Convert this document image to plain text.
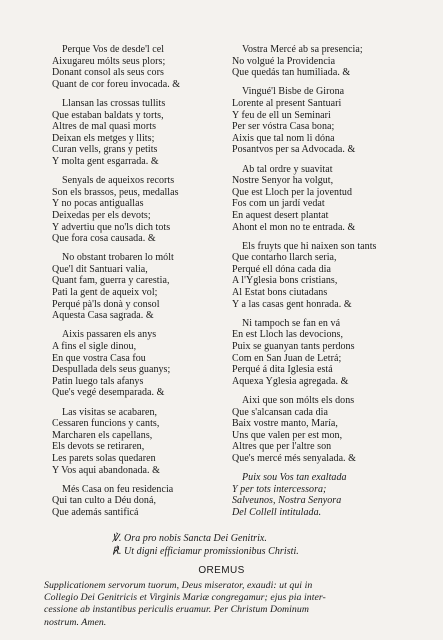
Perque Vos de desde'l cel
Aixugareu mólts seus plors;
Donant consol als seus cors
Quant de cor foreu invocada. &
Llansan las crossas tullits
Que estaban baldats y torts,
Altres de mal quasi morts
Deixan els metges y llits;
Curan vells, grans y petits
Y molta gent esgarrada. &
Senyals de aqueixos recorts
Son els brassos, peus, medallas
Y no pocas antiguallas
Deixedas per els devots;
Y advertiu que no'ls dich tots
Que fora cosa causada. &
No obstant trobaren lo mólt
Que'l dit Santuari valia,
Quant fam, guerra y carestia,
Pati la gent de aqueix vol;
Perqué pà'ls donà y consol
Aquesta Casa sagrada. &
Aixis passaren els anys
A fins el sigle dinou,
En que vostra Casa fou
Despullada dels seus guanys;
Patin luego tals afanys
Que's vegé desemparada. &
Las visitas se acabaren,
Cessaren funcions y cants,
Marcharen els capellans,
Els devots se retiraren,
Les parets solas quedaren
Y Vos aqui abandonada. &
Més Casa on feu residencia
Qui tan culto a Déu doná,
Que además santificá
Vostra Mercé ab sa presencia;
No volgué la Providencia
Que quedás tan humiliada. &
Vingué'l Bisbe de Girona
Lorente al present Santuari
Y feu de ell un Seminari
Per ser vóstra Casa bona;
Aixis que tal nom li dóna
Posantvos per sa Advocada. &
Ab tal ordre y suavitat
Nostre Senyor ha volgut,
Que est Lloch per la joventud
Fos com un jardí vedat
En aquest desert plantat
Ahont el mon no te entrada. &
Els fruyts que hi naixen son tants
Que contarho llarch seria,
Perqué ell dóna cada dia
A l'Yglesia bons cristians,
Al Estat bons ciutadans
Y a las casas gent honrada. &
Ni tampoch se fan en vá
En est Lloch las devocions,
Puix se guanyan tants perdons
Com en San Juan de Letrá;
Perqué á dita Iglesia está
Aquexa Yglesia agregada. &
Aixi que son mólts els dons
Que s'alcansan cada dia
Baix vostre manto, María,
Uns que valen per est mon,
Altres que per l'altre son
Que's mercé més senyalada. &
Puix sou Vos tan exaltada
Y per tots intercessora;
Salveunos, Nostra Senyora
Del Collell intitulada.
℣. Ora pro nobis Sancta Dei Genitrix.
℟. Ut digni efficiamur promissionibus Christi.
OREMUS
Supplicationem servorum tuorum, Deus miserator, exaudi: ut qui in
Collegio Dei Genitricis et Virginis Mariæ congregamur; ejus pia inter-
cessione ab instantibus periculis eruamur. Per Christum Dominum
nostrum. Amen.
